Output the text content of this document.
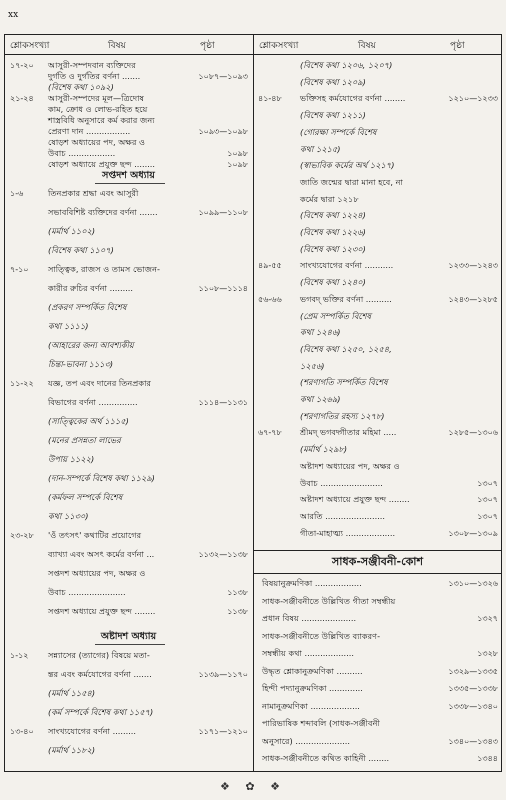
xx
শ্লোকসংখ্যা	বিষয়	পৃষ্ঠা	শ্লোকসংখ্যা	বিষয়	পৃষ্ঠা
১৭-২০ আসুরী-সম্পদবান ব্যক্তিদের
দুর্গতি ও দুর্গতির বর্ণনা .......	১০৮৭—১০৯৩
(বিশেষ কথা ১০৯২)
২১-২৪ আসুরী-সম্পদের মূল—ত্রিদোষ
কাম, ক্রোধ ও লোভ-রহিত হয়ে
শাস্ত্রবিধি অনুসারে কর্ম করার জন্য
প্রেরণা দান .................	১০৯৩—১০৯৮
ষোড়শ অধ্যায়ের পদ, অক্ষর ও
উবাচ ..................	১০৯৮
ষোড়শ অধ্যায়ে প্রযুক্ত ছন্দ ........	১০৯৮
সপ্তদশ অধ্যায়
১-৬	তিনপ্রকার শ্রদ্ধা এবং আসুরী
সভাববিশিষ্ট ব্যক্তিদের বর্ণনা .......	১০৯৯—১১০৮
(মর্মার্থ ১১০২)
(বিশেষ কথা ১১০৭)
৭-১০ সাত্ত্বিক, রাজস ও তামস ভোজন-
কারীর রুচির বর্ণনা .........	১১০৮—১১১৪
(প্রকরণ সম্পর্কিত বিশেষ
কথা ১১১১)
(আহারের জন্য আবশ্যকীয়
চিন্তা-ভাবনা ১১১৩)
১১-২২ যজ্ঞ, তপ এবং দানের তিনপ্রকার
বিভাগের বর্ণনা ...............	১১১৪—১১৩১
(সাত্ত্বিকের অর্থ ১১১৫)
(মনের প্রসন্নতা লাভের
উপায় ১১২২)
(দান-সম্পর্কে বিশেষ কথা ১১২৯)
(কর্মফল সম্পর্কে বিশেষ
কথা ১১৩০)
২৩-২৮ 'ওঁ তৎসৎ' কথাটির প্রয়োগের
ব্যাখ্যা এবং অসৎ কর্মের বর্ণনা ...	১১৩২—১১৩৮
সপ্তদশ অধ্যায়ের পদ, অক্ষর ও
উবাচ ......................	১১৩৮
সপ্তদশ অধ্যায়ে প্রযুক্ত ছন্দ ........	১১৩৮
অষ্টাদশ অধ্যায়
১-১২ সন্ন্যাসের (ত্যাগের) বিষয়ে মতা-
ন্তর এবং কর্মযোগের বর্ণনা .......	১১৩৯—১১৭০
(মর্মার্থ ১১৫৪)
(কর্ম সম্পর্কে বিশেষ কথা ১১৫৭)
১৩-৪০ সাংখ্যযোগের বর্ণনা .........	১১৭১—১২১০
(মর্মার্থ ১১৮২)
(বিশেষ কথা ১২০৬, ১২০৭)
(বিশেষ কথা ১২০৯)
৪১-৪৮ ভক্তিসহ কর্মযোগের বর্ণনা ........	১২১০—১২৩৩
(বিশেষ কথা ১২১১)
(গোরক্ষা সম্পর্কে বিশেষ
কথা ১২১৫)
(স্বাভাবিক কর্মের অর্থ ১২১৭)
জাতি জন্মের দ্বারা মানা হবে, না
কর্মের দ্বারা ১২১৮
(বিশেষ কথা ১২২৪)
(বিশেষ কথা ১২২৬)
(বিশেষ কথা ১২৩০)
৪৯-৫৫ সাংখ্যযোগের বর্ণনা ...........	১২৩৩—১২৪৩
(বিশেষ কথা ১২৪০)
৫৬-৬৬ ভগবদ্ ভক্তির বর্ণনা ..........	১২৪৩—১২৮৫
(প্রেম সম্পর্কিত বিশেষ
কথা ১২৪৬)
(বিশেষ কথা ১২৫০, ১২৫৪,
১২৫৬)
(শরণাগতি সম্পর্কিত বিশেষ
কথা ১২৬৯)
(শরণাগতির রহস্য ১২৭৮)
৬৭-৭৮ শ্রীমদ্ ভগবদ্গীতার মহিমা .....	১২৮৫—১৩০৬
(মর্মার্থ ১২৯৮)
অষ্টাদশ অধ্যায়ের পদ, অক্ষর ও
উবাচ ........................	১৩০৭
অষ্টাদশ অধ্যায়ে প্রযুক্ত ছন্দ ........	১৩০৭
আরতি .......................	১৩০৭
গীতা-মাহাত্ম্য ...................	১৩০৮—১৩০৯
সাধক-সঞ্জীবনী-কোশ
বিষয়ানুক্রমণিকা ..................	১৩১০—১৩২৬
সাধক-সঞ্জীবনীতে উল্লিখিত গীতা সম্বন্ধীয়
প্রধান বিষয় .....................	১৩২৭
সাধক-সঞ্জীবনীতে উল্লিখিত ব্যাকরণ-
সম্বন্ধীয় কথা ...................	১৩২৮
উদ্ধৃত শ্লোকানুক্রমণিকা ..........	১৩২৯—১৩৩৫
হিন্দী পদ্যানুক্রমণিকা .............	১৩৩৫—১৩৩৮
নামানুক্রমণিকা ...................	১৩৩৮—১৩৪০
পারিভাষিক শব্দাবলি (সাধক-সঞ্জীবনী
অনুসারে) .....................	১৩৪০—১৩৪৩
সাধক-সঞ্জীবনীতে কথিত কাহিনী ........	১৩৪৪
❖ ✿ ❖
